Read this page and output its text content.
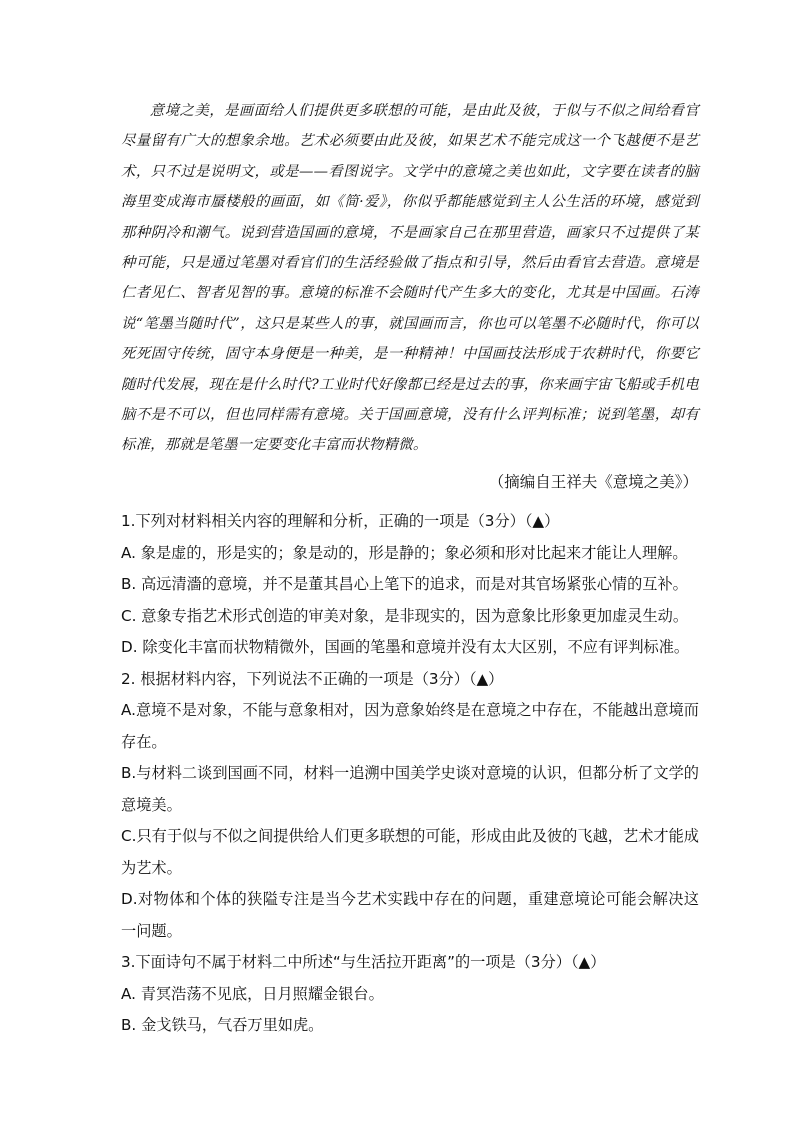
意境之美，是画面给人们提供更多联想的可能，是由此及彼，于似与不似之间给看官尽量留有广大的想象余地。艺术必须要由此及彼，如果艺术不能完成这一个飞越便不是艺术，只不过是说明文，或是——看图说字。文学中的意境之美也如此，文字要在读者的脑海里变成海市蜃楼般的画面，如《简·爱》，你似乎都能感觉到主人公生活的环境，感觉到那种阴冷和潮气。说到营造国画的意境，不是画家自己在那里营造，画家只不过提供了某种可能，只是通过笔墨对看官们的生活经验做了指点和引导，然后由看官去营造。意境是仁者见仁、智者见智的事。意境的标准不会随时代产生多大的变化，尤其是中国画。石涛说“笔墨当随时代”，这只是某些人的事，就国画而言，你也可以笔墨不必随时代，你可以死死固守传统，固守本身便是一种美，是一种精神！中国画技法形成于农耕时代，你要它随时代发展，现在是什么时代?工业时代好像都已经是过去的事，你来画宇宙飞船或手机电脑不是不可以，但也同样需有意境。关于国画意境，没有什么评判标准；说到笔墨，却有标准，那就是笔墨一定要变化丰富而状物精微。
（摘编自王祥夫《意境之美》）
1.下列对材料相关内容的理解和分析，正确的一项是（3分）（▲）
A. 象是虚的，形是实的；象是动的，形是静的；象必须和形对比起来才能让人理解。
B. 高远清濇的意境，并不是董其昌心上笔下的追求，而是对其官场紧张心情的互补。
C. 意象专指艺术形式创造的审美对象，是非现实的，因为意象比形象更加虚灵生动。
D. 除变化丰富而状物精微外，国画的笔墨和意境并没有太大区别，不应有评判标准。
2. 根据材料内容，下列说法不正确的一项是（3分）（▲）
A.意境不是对象，不能与意象相对，因为意象始终是在意境之中存在，不能越出意境而存在。
B.与材料二谈到国画不同，材料一追溯中国美学史谈对意境的认识，但都分析了文学的意境美。
C.只有于似与不似之间提供给人们更多联想的可能，形成由此及彼的飞越，艺术才能成为艺术。
D.对物体和个体的狭隘专注是当今艺术实践中存在的问题，重建意境论可能会解决这一问题。
3.下面诗句不属于材料二中所述“与生活拉开距离”的一项是（3分）（▲）
A. 青冥浩荡不见底，日月照耀金银台。
B. 金戈铁马，气吞万里如虎。
